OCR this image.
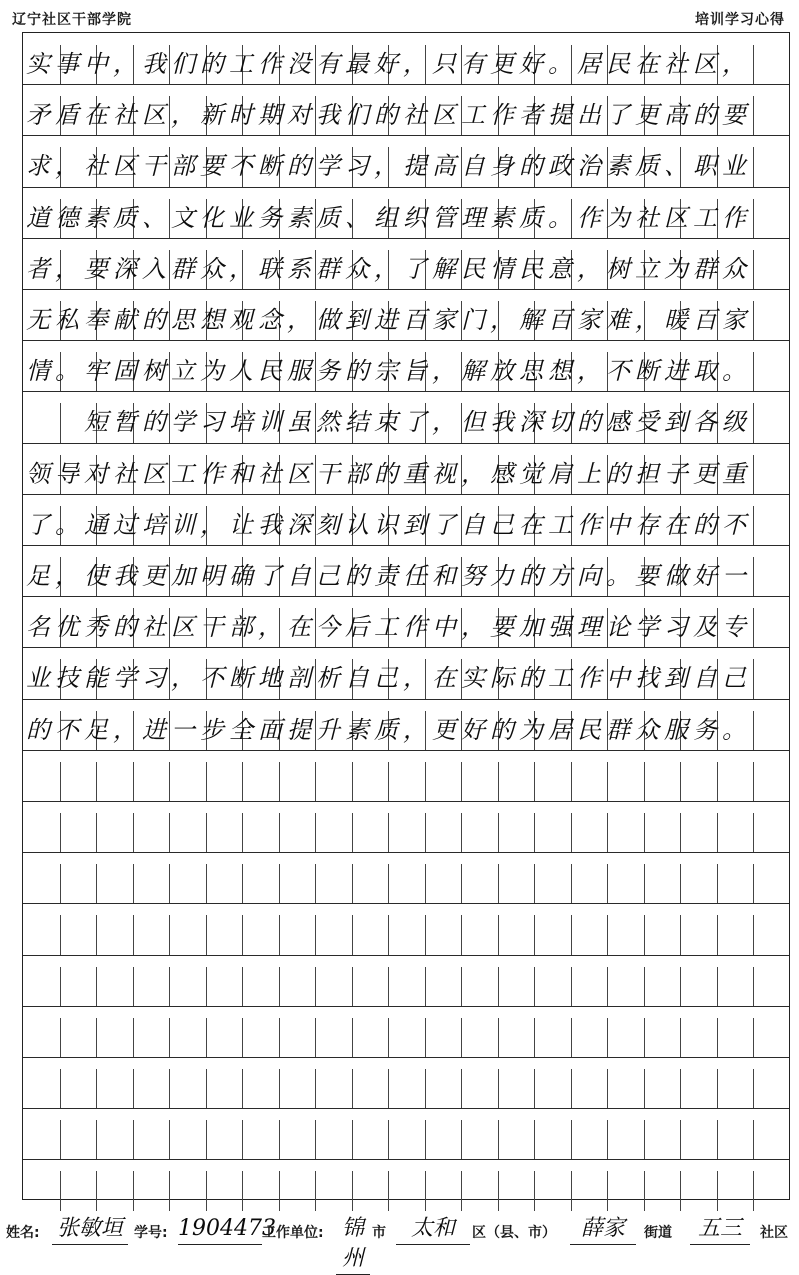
辽宁社区干部学院	培训学习心得
实事中，我们的工作没有最好，只有更好。居民在社区，
矛盾在社区，新时期对我们的社区工作者提出了更高的要
求，社区干部要不断的学习，提高自身的政治素质、职业
道德素质、文化业务素质、组织管理素质。作为社区工作
者，要深入群众，联系群众，了解民情民意，树立为群众
无私奉献的思想观念，做到进百家门，解百家难，暖百家
情。牢固树立为人民服务的宗旨，解放思想，不断进取。
　　短暂的学习培训虽然结束了，但我深切的感受到各级
领导对社区工作和社区干部的重视，感觉肩上的担子更重
了。通过培训，让我深刻认识到了自己在工作中存在的不
足，使我更加明确了自己的责任和努力的方向。要做好一
名优秀的社区干部，在今后工作中，要加强理论学习及专
业技能学习，不断地剖析自己，在实际的工作中找到自己
的不足，进一步全面提升素质，更好的为居民群众服务。
姓名: 张敏垣 学号: 1904473
工作单位: 锦州
市	太和	区（县、市）	薛家	街道	五三	社区
